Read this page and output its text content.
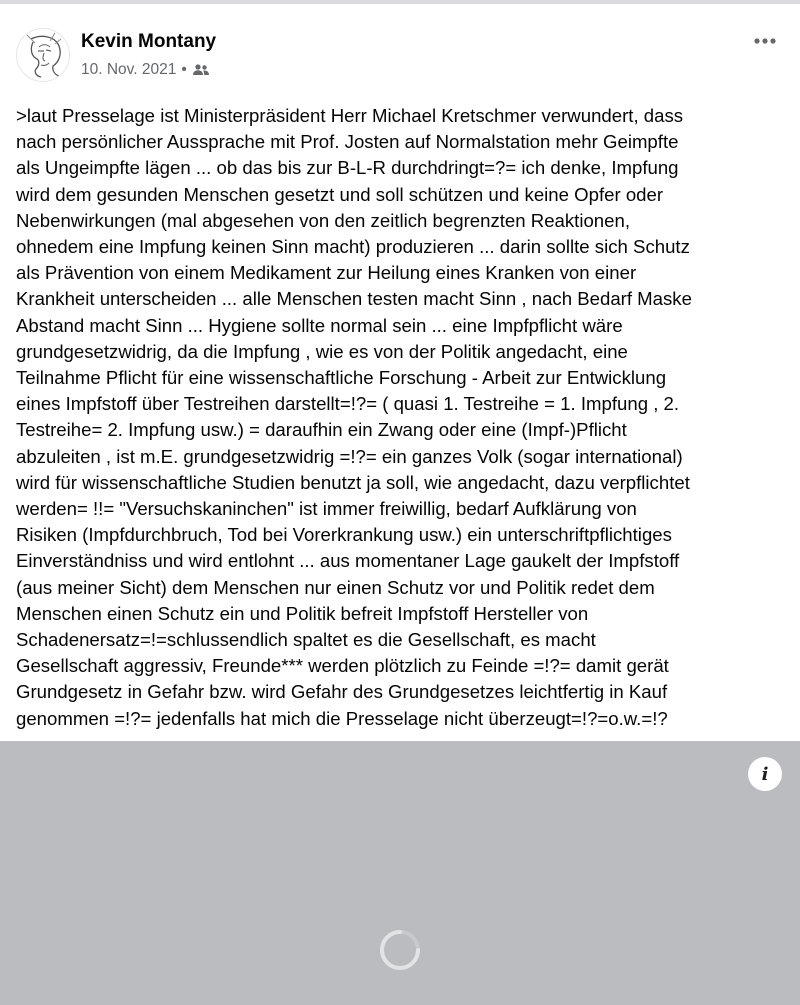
Kevin Montany
10. Nov. 2021 •

>laut Presselage ist Ministerpräsident Herr Michael Kretschmer verwundert, dass
nach persönlicher Aussprache mit Prof. Josten auf Normalstation mehr Geimpfte
als Ungeimpfte lägen ... ob das bis zur B-L-R durchdringt=?= ich denke, Impfung
wird dem gesunden Menschen gesetzt und soll schützen und keine Opfer oder
Nebenwirkungen (mal abgesehen von den zeitlich begrenzten Reaktionen,
ohnedem eine Impfung keinen Sinn macht) produzieren ... darin sollte sich Schutz
als Prävention von einem Medikament zur Heilung eines Kranken von einer
Krankheit unterscheiden ... alle Menschen testen macht Sinn , nach Bedarf Maske
Abstand macht Sinn ... Hygiene sollte normal sein ... eine Impfpflicht wäre
grundgesetzwidrig, da die Impfung , wie es von der Politik angedacht, eine
Teilnahme Pflicht für eine wissenschaftliche Forschung - Arbeit zur Entwicklung
eines Impfstoff über Testreihen darstellt=!?= ( quasi 1. Testreihe = 1. Impfung , 2.
Testreihe= 2. Impfung usw.) = daraufhin ein Zwang oder eine (Impf-)Pflicht
abzuleiten , ist m.E. grundgesetzwidrig =!?= ein ganzes Volk (sogar international)
wird für wissenschaftliche Studien benutzt ja soll, wie angedacht, dazu verpflichtet
werden= !!= "Versuchskaninchen" ist immer freiwillig, bedarf Aufklärung von
Risiken (Impfdurchbruch, Tod bei Vorerkrankung usw.) ein unterschriftpflichtiges
Einverständniss und wird entlohnt ... aus momentaner Lage gaukelt der Impfstoff
(aus meiner Sicht) dem Menschen nur einen Schutz vor und Politik redet dem
Menschen einen Schutz ein und Politik befreit Impfstoff Hersteller von
Schadenersatz=!=schlussendlich spaltet es die Gesellschaft, es macht
Gesellschaft aggressiv, Freunde*** werden plötzlich zu Feinde =!?= damit gerät
Grundgesetz in Gefahr bzw. wird Gefahr des Grundgesetzes leichtfertig in Kauf
genommen =!?= jedenfalls hat mich die Presselage nicht überzeugt=!?=o.w.=!?

i
